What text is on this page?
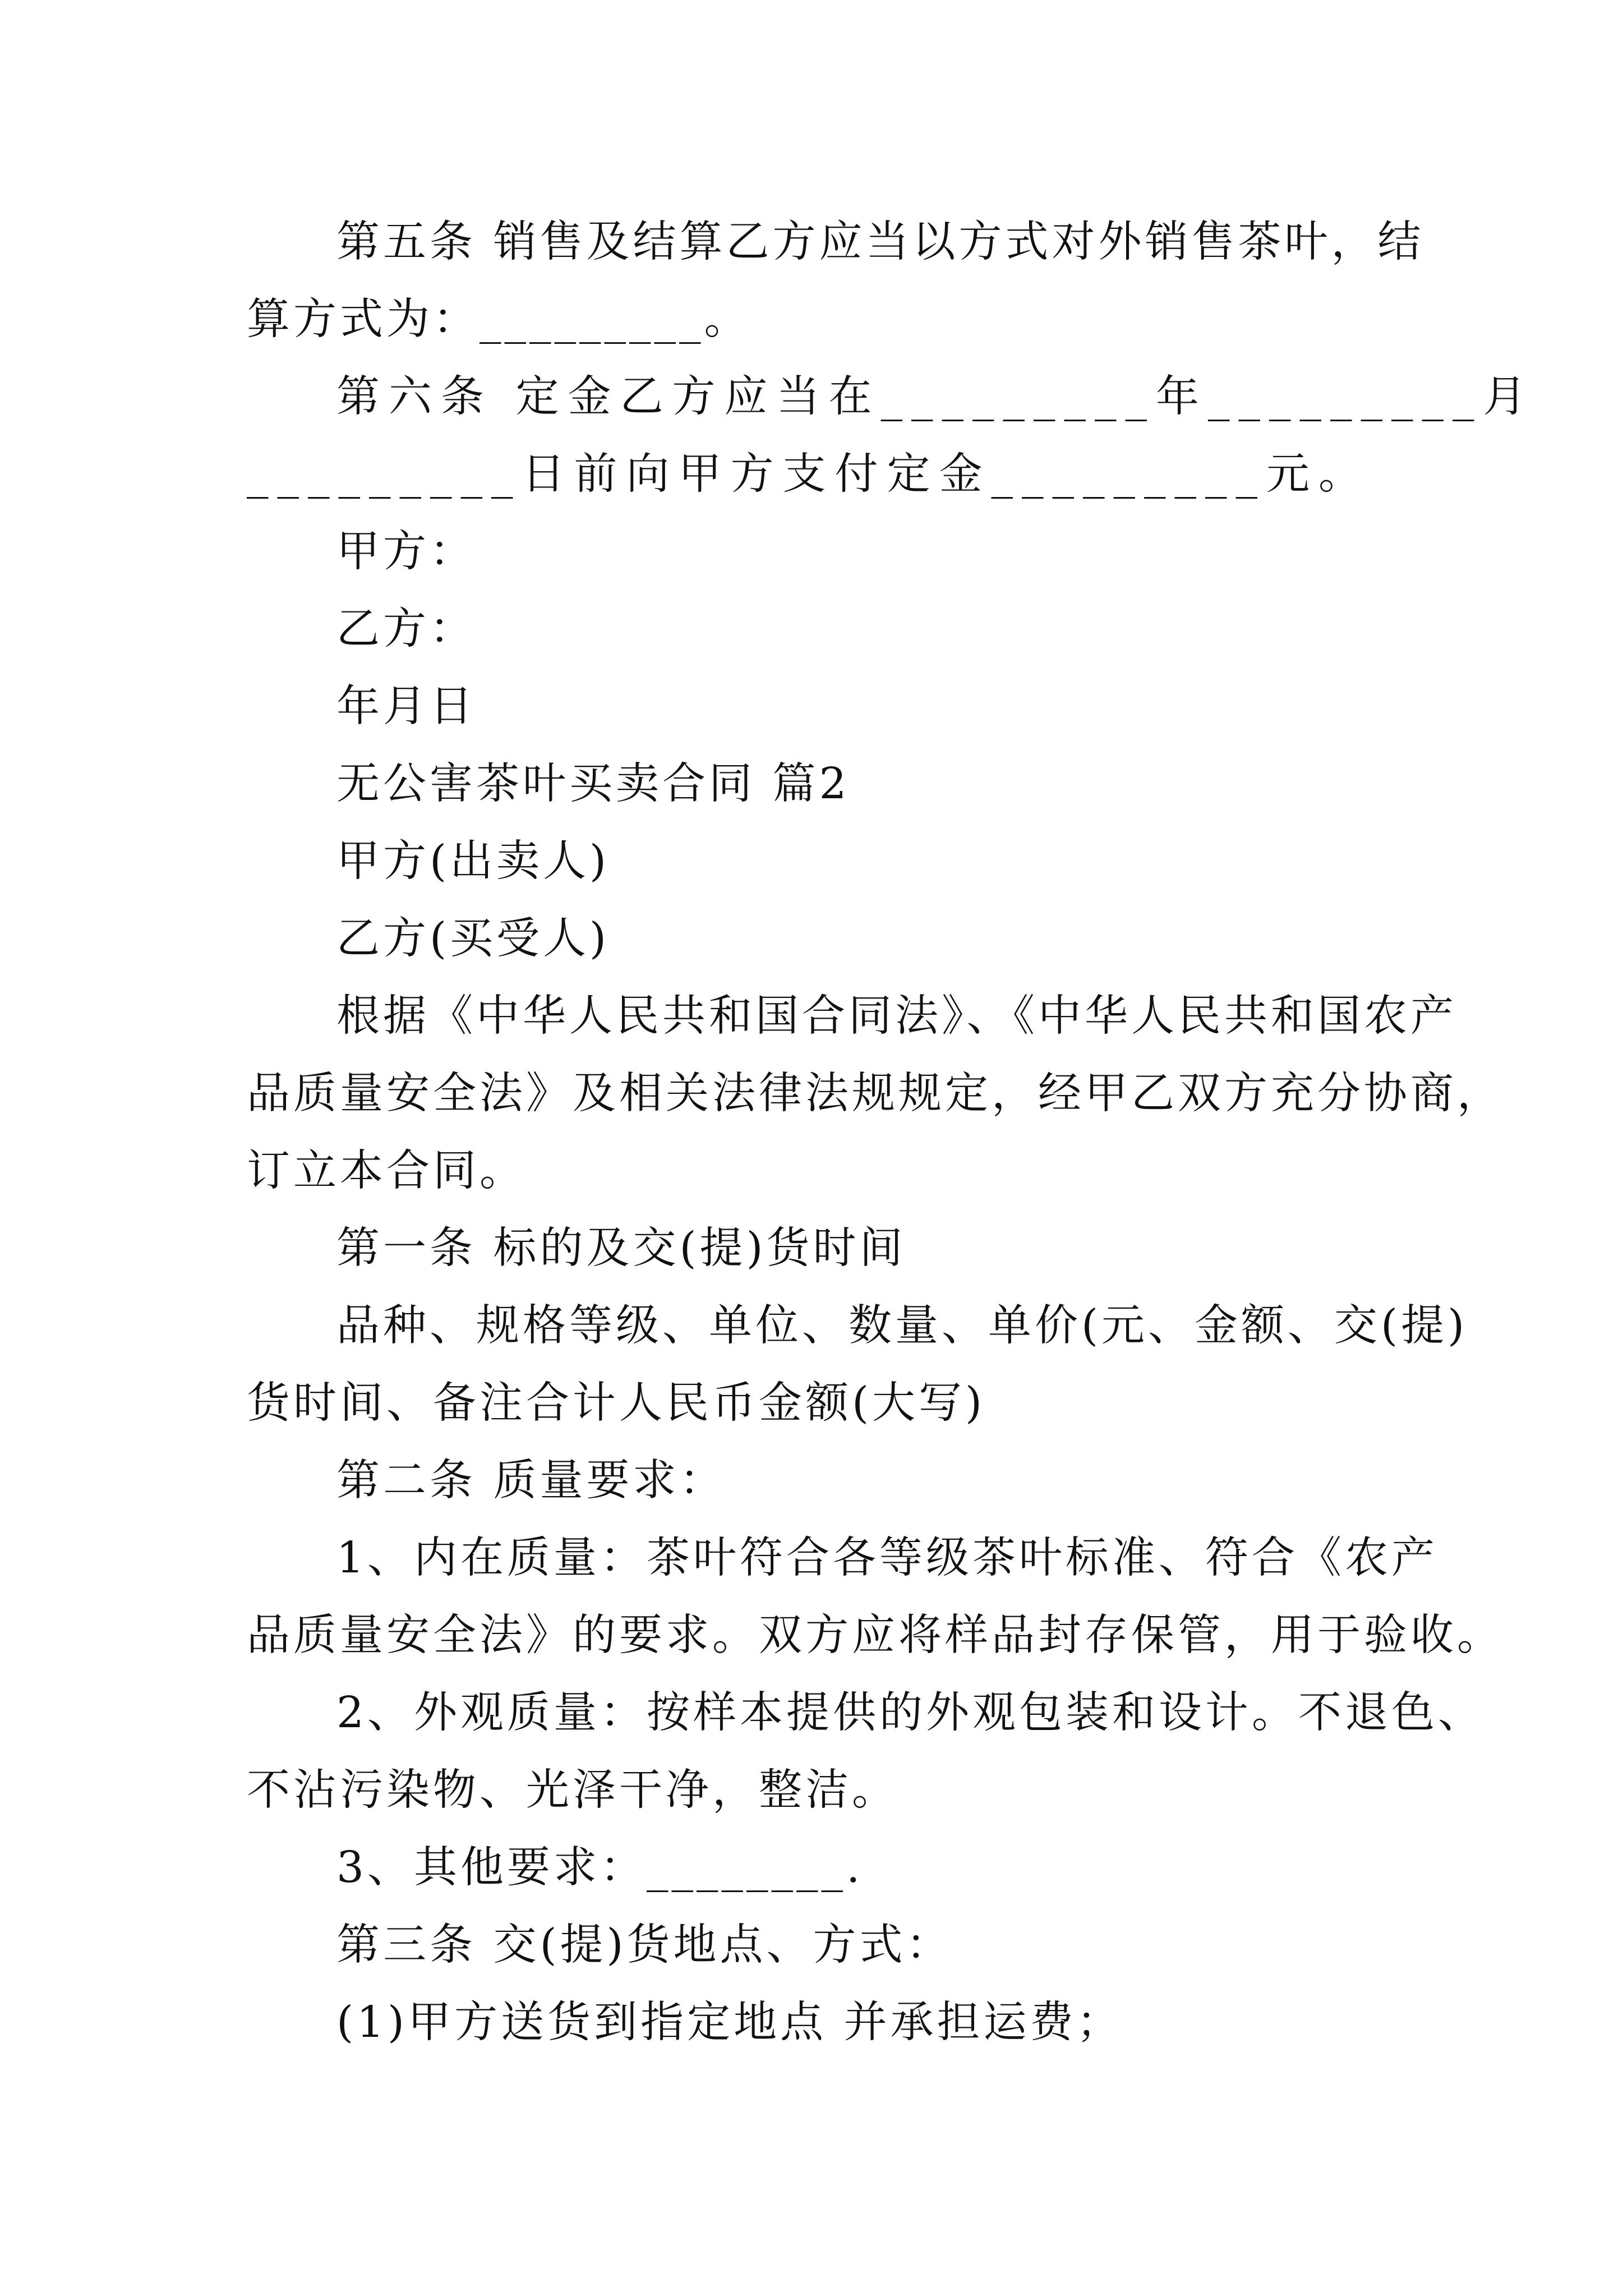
第五条 销售及结算乙方应当以方式对外销售茶叶，结
算方式为：_________。
第六条 定金乙方应当在_________年_________月
_________日前向甲方支付定金_________元。
甲方：
乙方：
年月日
无公害茶叶买卖合同 篇2
甲方(出卖人)
乙方(买受人)
根据《中华人民共和国合同法》、《中华人民共和国农产
品质量安全法》及相关法律法规规定，经甲乙双方充分协商，
订立本合同。
第一条 标的及交(提)货时间
品种、规格等级、单位、数量、单价(元、金额、交(提)
货时间、备注合计人民币金额(大写)
第二条 质量要求：
1、内在质量：茶叶符合各等级茶叶标准、符合《农产
品质量安全法》的要求。双方应将样品封存保管，用于验收。
2、外观质量：按样本提供的外观包装和设计。不退色、
不沾污染物、光泽干净，整洁。
3、其他要求：________.
第三条 交(提)货地点、方式：
(1)甲方送货到指定地点 并承担运费；
